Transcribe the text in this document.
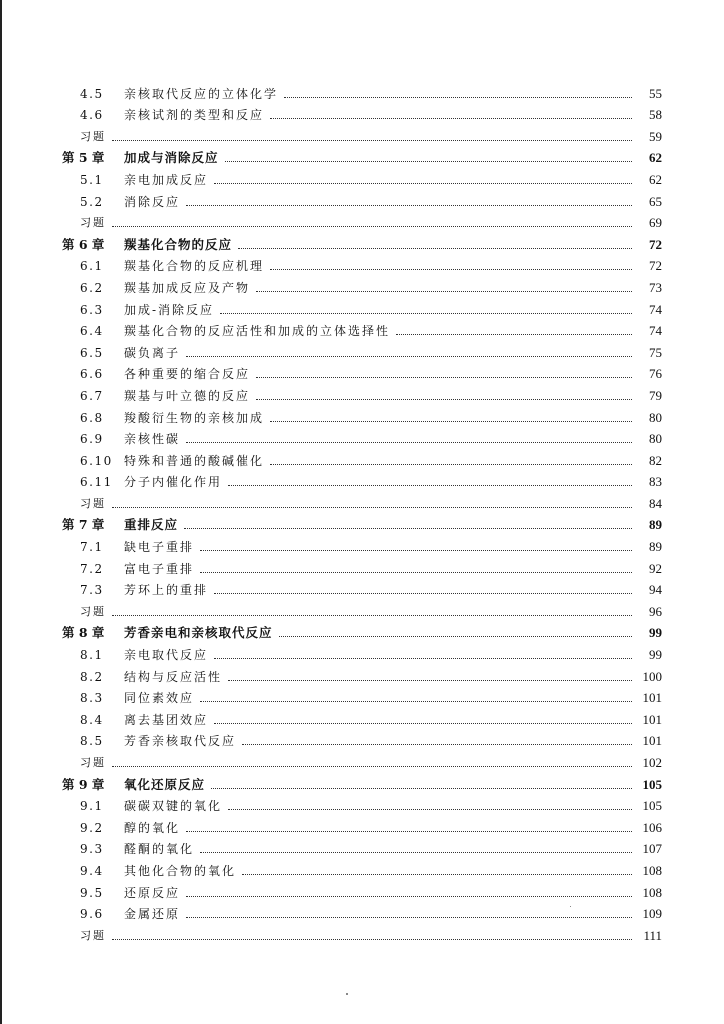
4.5	亲核取代反应的立体化学	55
4.6	亲核试剂的类型和反应	58
习题	59
第 5 章	加成与消除反应	62
5.1	亲电加成反应	62
5.2	消除反应	65
习题	69
第 6 章	羰基化合物的反应	72
6.1	羰基化合物的反应机理	72
6.2	羰基加成反应及产物	73
6.3	加成-消除反应	74
6.4	羰基化合物的反应活性和加成的立体选择性	74
6.5	碳负离子	75
6.6	各种重要的缩合反应	76
6.7	羰基与叶立德的反应	79
6.8	羧酸衍生物的亲核加成	80
6.9	亲核性碳	80
6.10 特殊和普通的酸碱催化	82
6.11 分子内催化作用	83
习题	84
第 7 章	重排反应	89
7.1	缺电子重排	89
7.2	富电子重排	92
7.3	芳环上的重排	94
习题	96
第 8 章	芳香亲电和亲核取代反应	99
8.1	亲电取代反应	99
8.2	结构与反应活性	100
8.3	同位素效应	101
8.4	离去基团效应	101
8.5	芳香亲核取代反应	101
习题	102
第 9 章	氧化还原反应	105
9.1	碳碳双键的氧化	105
9.2	醇的氧化	106
9.3	醛酮的氧化	107
9.4	其他化合物的氧化	108
9.5	还原反应	108
9.6	金属还原	109
习题	111
